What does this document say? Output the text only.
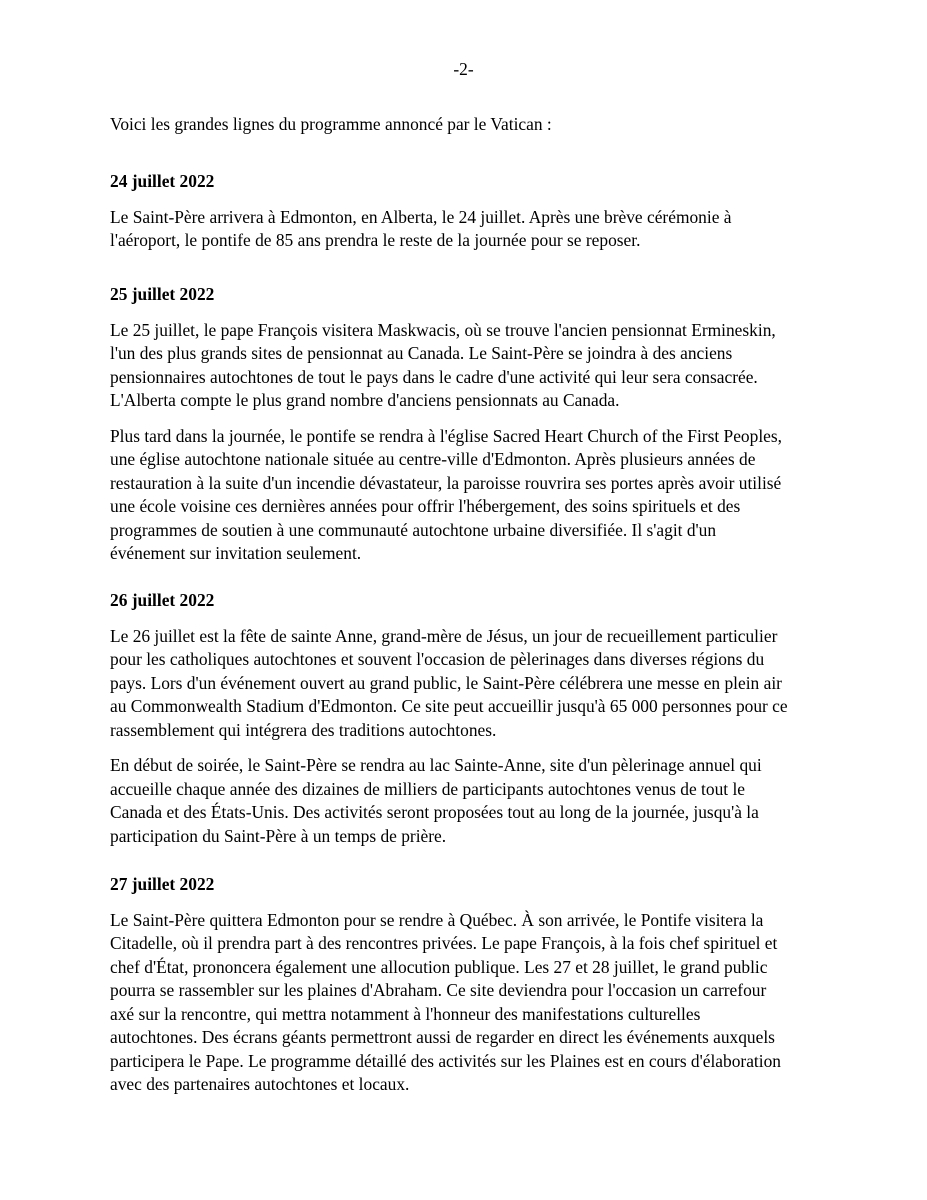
-2-

Voici les grandes lignes du programme annoncé par le Vatican :

24 juillet 2022

Le Saint-Père arrivera à Edmonton, en Alberta, le 24 juillet. Après une brève cérémonie à
l'aéroport, le pontife de 85 ans prendra le reste de la journée pour se reposer.

25 juillet 2022

Le 25 juillet, le pape François visitera Maskwacis, où se trouve l'ancien pensionnat Ermineskin,
l'un des plus grands sites de pensionnat au Canada. Le Saint-Père se joindra à des anciens
pensionnaires autochtones de tout le pays dans le cadre d'une activité qui leur sera consacrée.
L'Alberta compte le plus grand nombre d'anciens pensionnats au Canada.

Plus tard dans la journée, le pontife se rendra à l'église Sacred Heart Church of the First Peoples,
une église autochtone nationale située au centre-ville d'Edmonton. Après plusieurs années de
restauration à la suite d'un incendie dévastateur, la paroisse rouvrira ses portes après avoir utilisé
une école voisine ces dernières années pour offrir l'hébergement, des soins spirituels et des
programmes de soutien à une communauté autochtone urbaine diversifiée. Il s'agit d'un
événement sur invitation seulement.

26 juillet 2022

Le 26 juillet est la fête de sainte Anne, grand-mère de Jésus, un jour de recueillement particulier
pour les catholiques autochtones et souvent l'occasion de pèlerinages dans diverses régions du
pays. Lors d'un événement ouvert au grand public, le Saint-Père célébrera une messe en plein air
au Commonwealth Stadium d'Edmonton. Ce site peut accueillir jusqu'à 65 000 personnes pour ce
rassemblement qui intégrera des traditions autochtones.

En début de soirée, le Saint-Père se rendra au lac Sainte-Anne, site d'un pèlerinage annuel qui
accueille chaque année des dizaines de milliers de participants autochtones venus de tout le
Canada et des États-Unis. Des activités seront proposées tout au long de la journée, jusqu'à la
participation du Saint-Père à un temps de prière.

27 juillet 2022

Le Saint-Père quittera Edmonton pour se rendre à Québec. À son arrivée, le Pontife visitera la
Citadelle, où il prendra part à des rencontres privées. Le pape François, à la fois chef spirituel et
chef d'État, prononcera également une allocution publique. Les 27 et 28 juillet, le grand public
pourra se rassembler sur les plaines d'Abraham. Ce site deviendra pour l'occasion un carrefour
axé sur la rencontre, qui mettra notamment à l'honneur des manifestations culturelles
autochtones. Des écrans géants permettront aussi de regarder en direct les événements auxquels
participera le Pape. Le programme détaillé des activités sur les Plaines est en cours d'élaboration
avec des partenaires autochtones et locaux.
